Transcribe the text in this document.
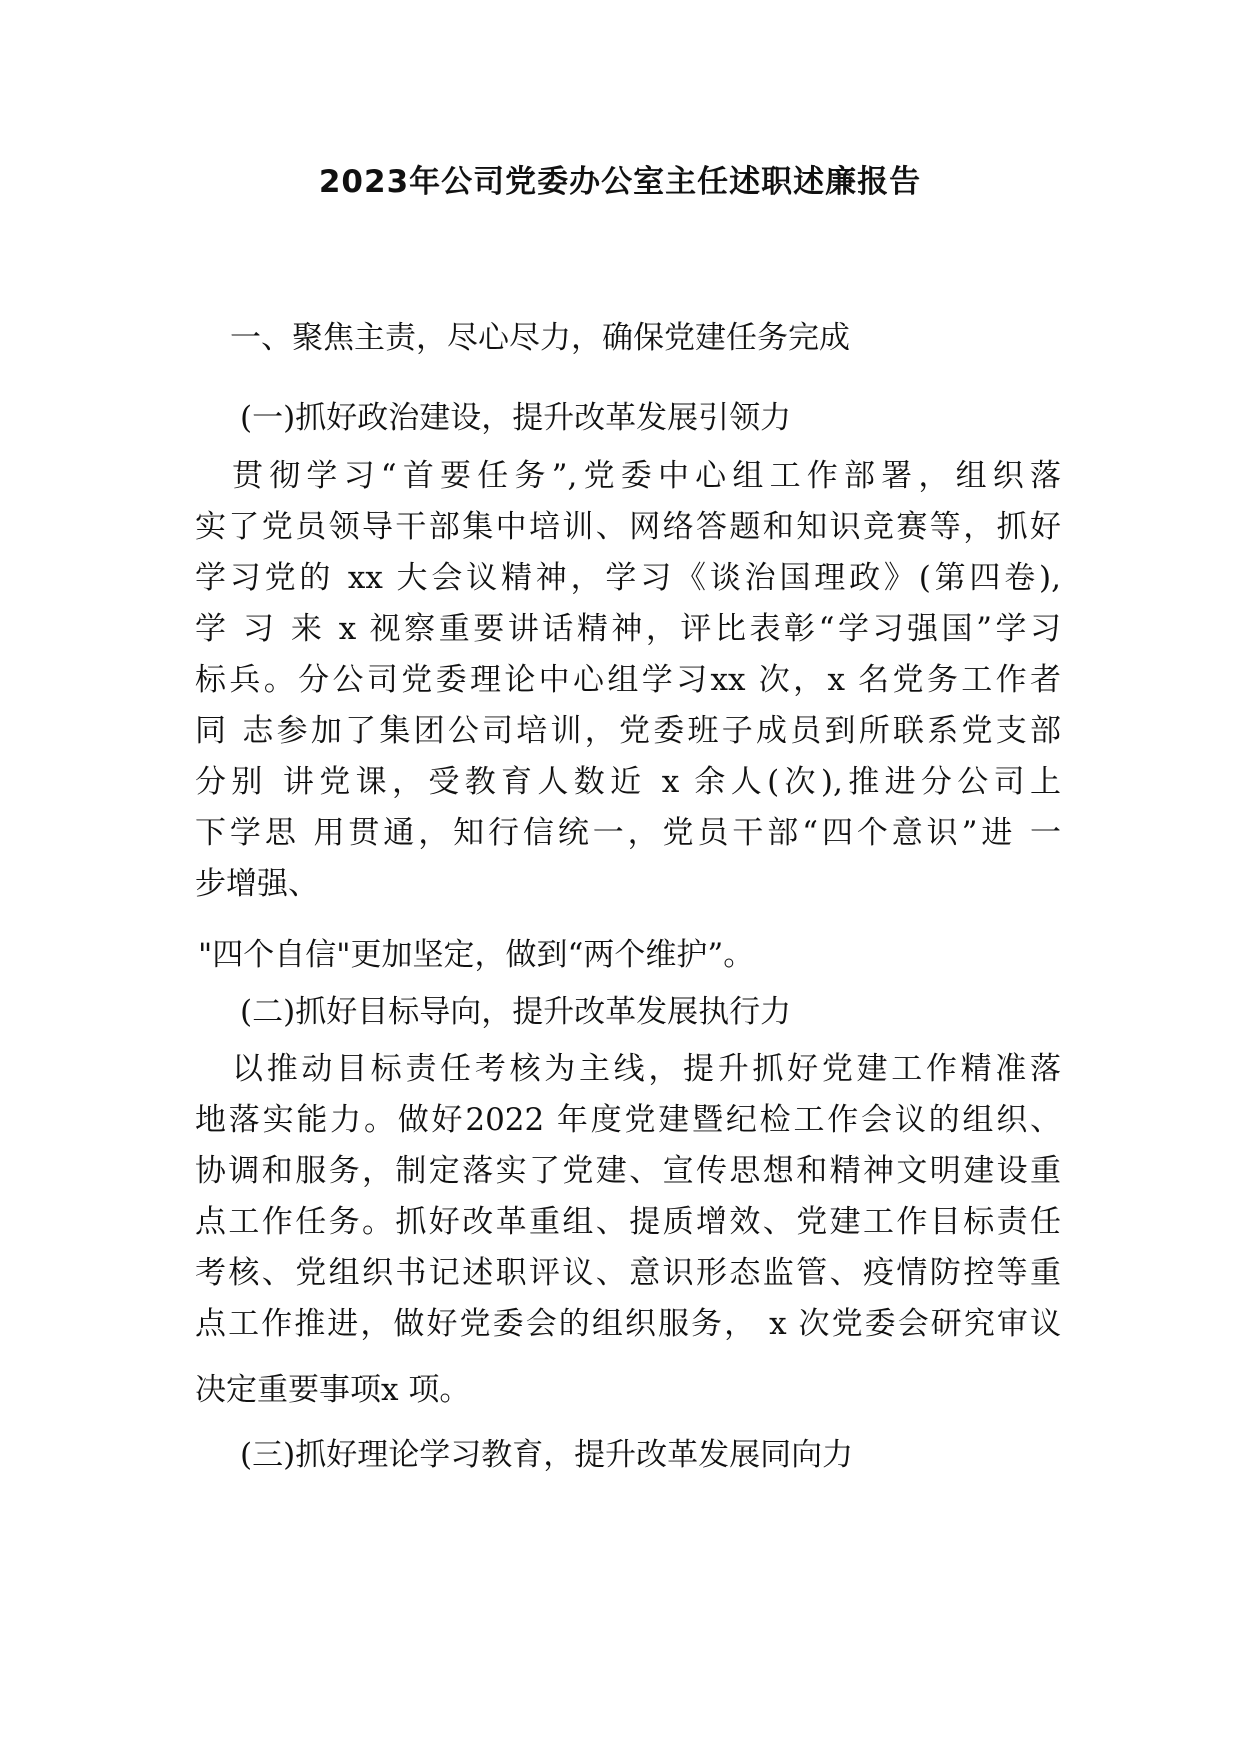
2023年公司党委办公室主任述职述廉报告
一、聚焦主责，尽心尽力，确保党建任务完成
(一)抓好政治建设，提升改革发展引领力
贯彻学习“首要任务”,党委中心组工作部署，组织落
实了党员领导干部集中培训、网络答题和知识竞赛等，抓好
学习党的 xx 大会议精神，学习《谈治国理政》(第四卷),
学 习 来 x 视察重要讲话精神，评比表彰“学习强国”学习
标兵。分公司党委理论中心组学习xx 次，x 名党务工作者
同 志参加了集团公司培训，党委班子成员到所联系党支部
分别 讲党课，受教育人数近 x 余人(次),推进分公司上
下学思 用贯通，知行信统一，党员干部“四个意识”进 一
步增强、
"四个自信"更加坚定，做到“两个维护”。
(二)抓好目标导向，提升改革发展执行力
以推动目标责任考核为主线，提升抓好党建工作精准落
地落实能力。做好2022 年度党建暨纪检工作会议的组织、
协调和服务，制定落实了党建、宣传思想和精神文明建设重
点工作任务。抓好改革重组、提质增效、党建工作目标责任
考核、党组织书记述职评议、意识形态监管、疫情防控等重
点工作推进，做好党委会的组织服务， x 次党委会研究审议
决定重要事项x 项。
(三)抓好理论学习教育，提升改革发展同向力
